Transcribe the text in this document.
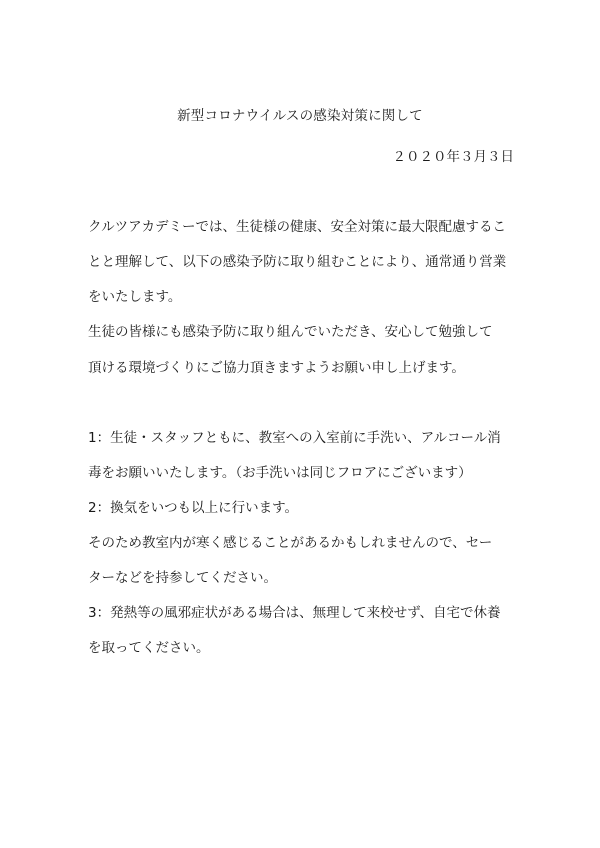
新型コロナウイルスの感染対策に関して
２０２０年３月３日
クルツアカデミーでは、生徒様の健康、安全対策に最大限配慮するこ
とと理解して、以下の感染予防に取り組むことにより、通常通り営業
をいたします。
生徒の皆様にも感染予防に取り組んでいただき、安心して勉強して
頂ける環境づくりにご協力頂きますようお願い申し上げます。
1：生徒・スタッフともに、教室への入室前に手洗い、アルコール消
毒をお願いいたします。（お手洗いは同じフロアにございます）
2：換気をいつも以上に行います。
そのため教室内が寒く感じることがあるかもしれませんので、セー
ターなどを持参してください。
3：発熱等の風邪症状がある場合は、無理して来校せず、自宅で休養
を取ってください。
